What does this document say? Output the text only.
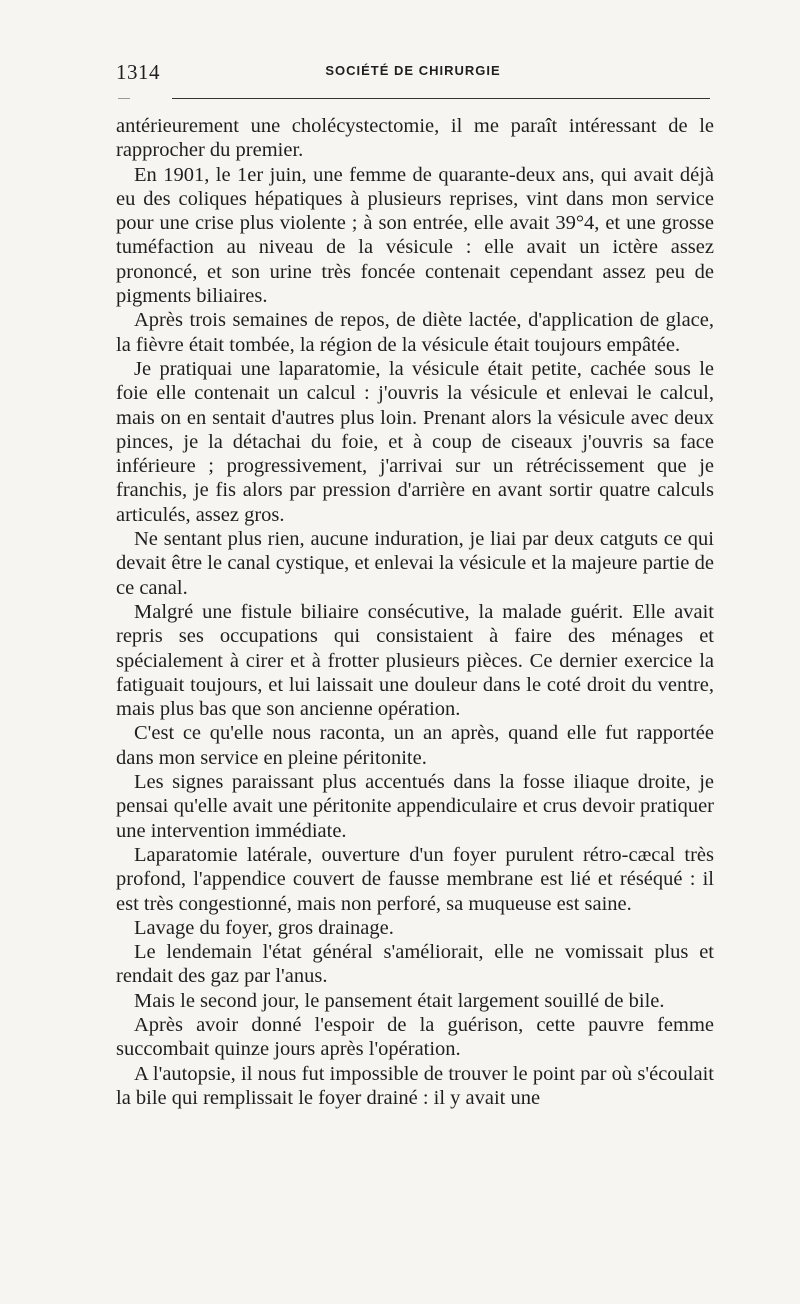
1314	SOCIÉTÉ DE CHIRURGIE

antérieurement une cholécystectomie, il me paraît intéressant de le rapprocher du premier.

En 1901, le 1er juin, une femme de quarante-deux ans, qui avait déjà eu des coliques hépatiques à plusieurs reprises, vint dans mon service pour une crise plus violente ; à son entrée, elle avait 39°4, et une grosse tuméfaction au niveau de la vésicule : elle avait un ictère assez prononcé, et son urine très foncée contenait cependant assez peu de pigments biliaires.

Après trois semaines de repos, de diète lactée, d'application de glace, la fièvre était tombée, la région de la vésicule était toujours empâtée.

Je pratiquai une laparatomie, la vésicule était petite, cachée sous le foie elle contenait un calcul : j'ouvris la vésicule et enlevai le calcul, mais on en sentait d'autres plus loin. Prenant alors la vésicule avec deux pinces, je la détachai du foie, et à coup de ciseaux j'ouvris sa face inférieure ; progressivement, j'arrivai sur un rétrécissement que je franchis, je fis alors par pression d'arrière en avant sortir quatre calculs articulés, assez gros.

Ne sentant plus rien, aucune induration, je liai par deux catguts ce qui devait être le canal cystique, et enlevai la vésicule et la majeure partie de ce canal.

Malgré une fistule biliaire consécutive, la malade guérit. Elle avait repris ses occupations qui consistaient à faire des ménages et spécialement à cirer et à frotter plusieurs pièces. Ce dernier exercice la fatiguait toujours, et lui laissait une douleur dans le coté droit du ventre, mais plus bas que son ancienne opération.

C'est ce qu'elle nous raconta, un an après, quand elle fut rapportée dans mon service en pleine péritonite.

Les signes paraissant plus accentués dans la fosse iliaque droite, je pensai qu'elle avait une péritonite appendiculaire et crus devoir pratiquer une intervention immédiate.

Laparatomie latérale, ouverture d'un foyer purulent rétro-cæcal très profond, l'appendice couvert de fausse membrane est lié et réséqué : il est très congestionné, mais non perforé, sa muqueuse est saine.

Lavage du foyer, gros drainage.

Le lendemain l'état général s'améliorait, elle ne vomissait plus et rendait des gaz par l'anus.

Mais le second jour, le pansement était largement souillé de bile.

Après avoir donné l'espoir de la guérison, cette pauvre femme succombait quinze jours après l'opération.

A l'autopsie, il nous fut impossible de trouver le point par où s'écoulait la bile qui remplissait le foyer drainé : il y avait une
